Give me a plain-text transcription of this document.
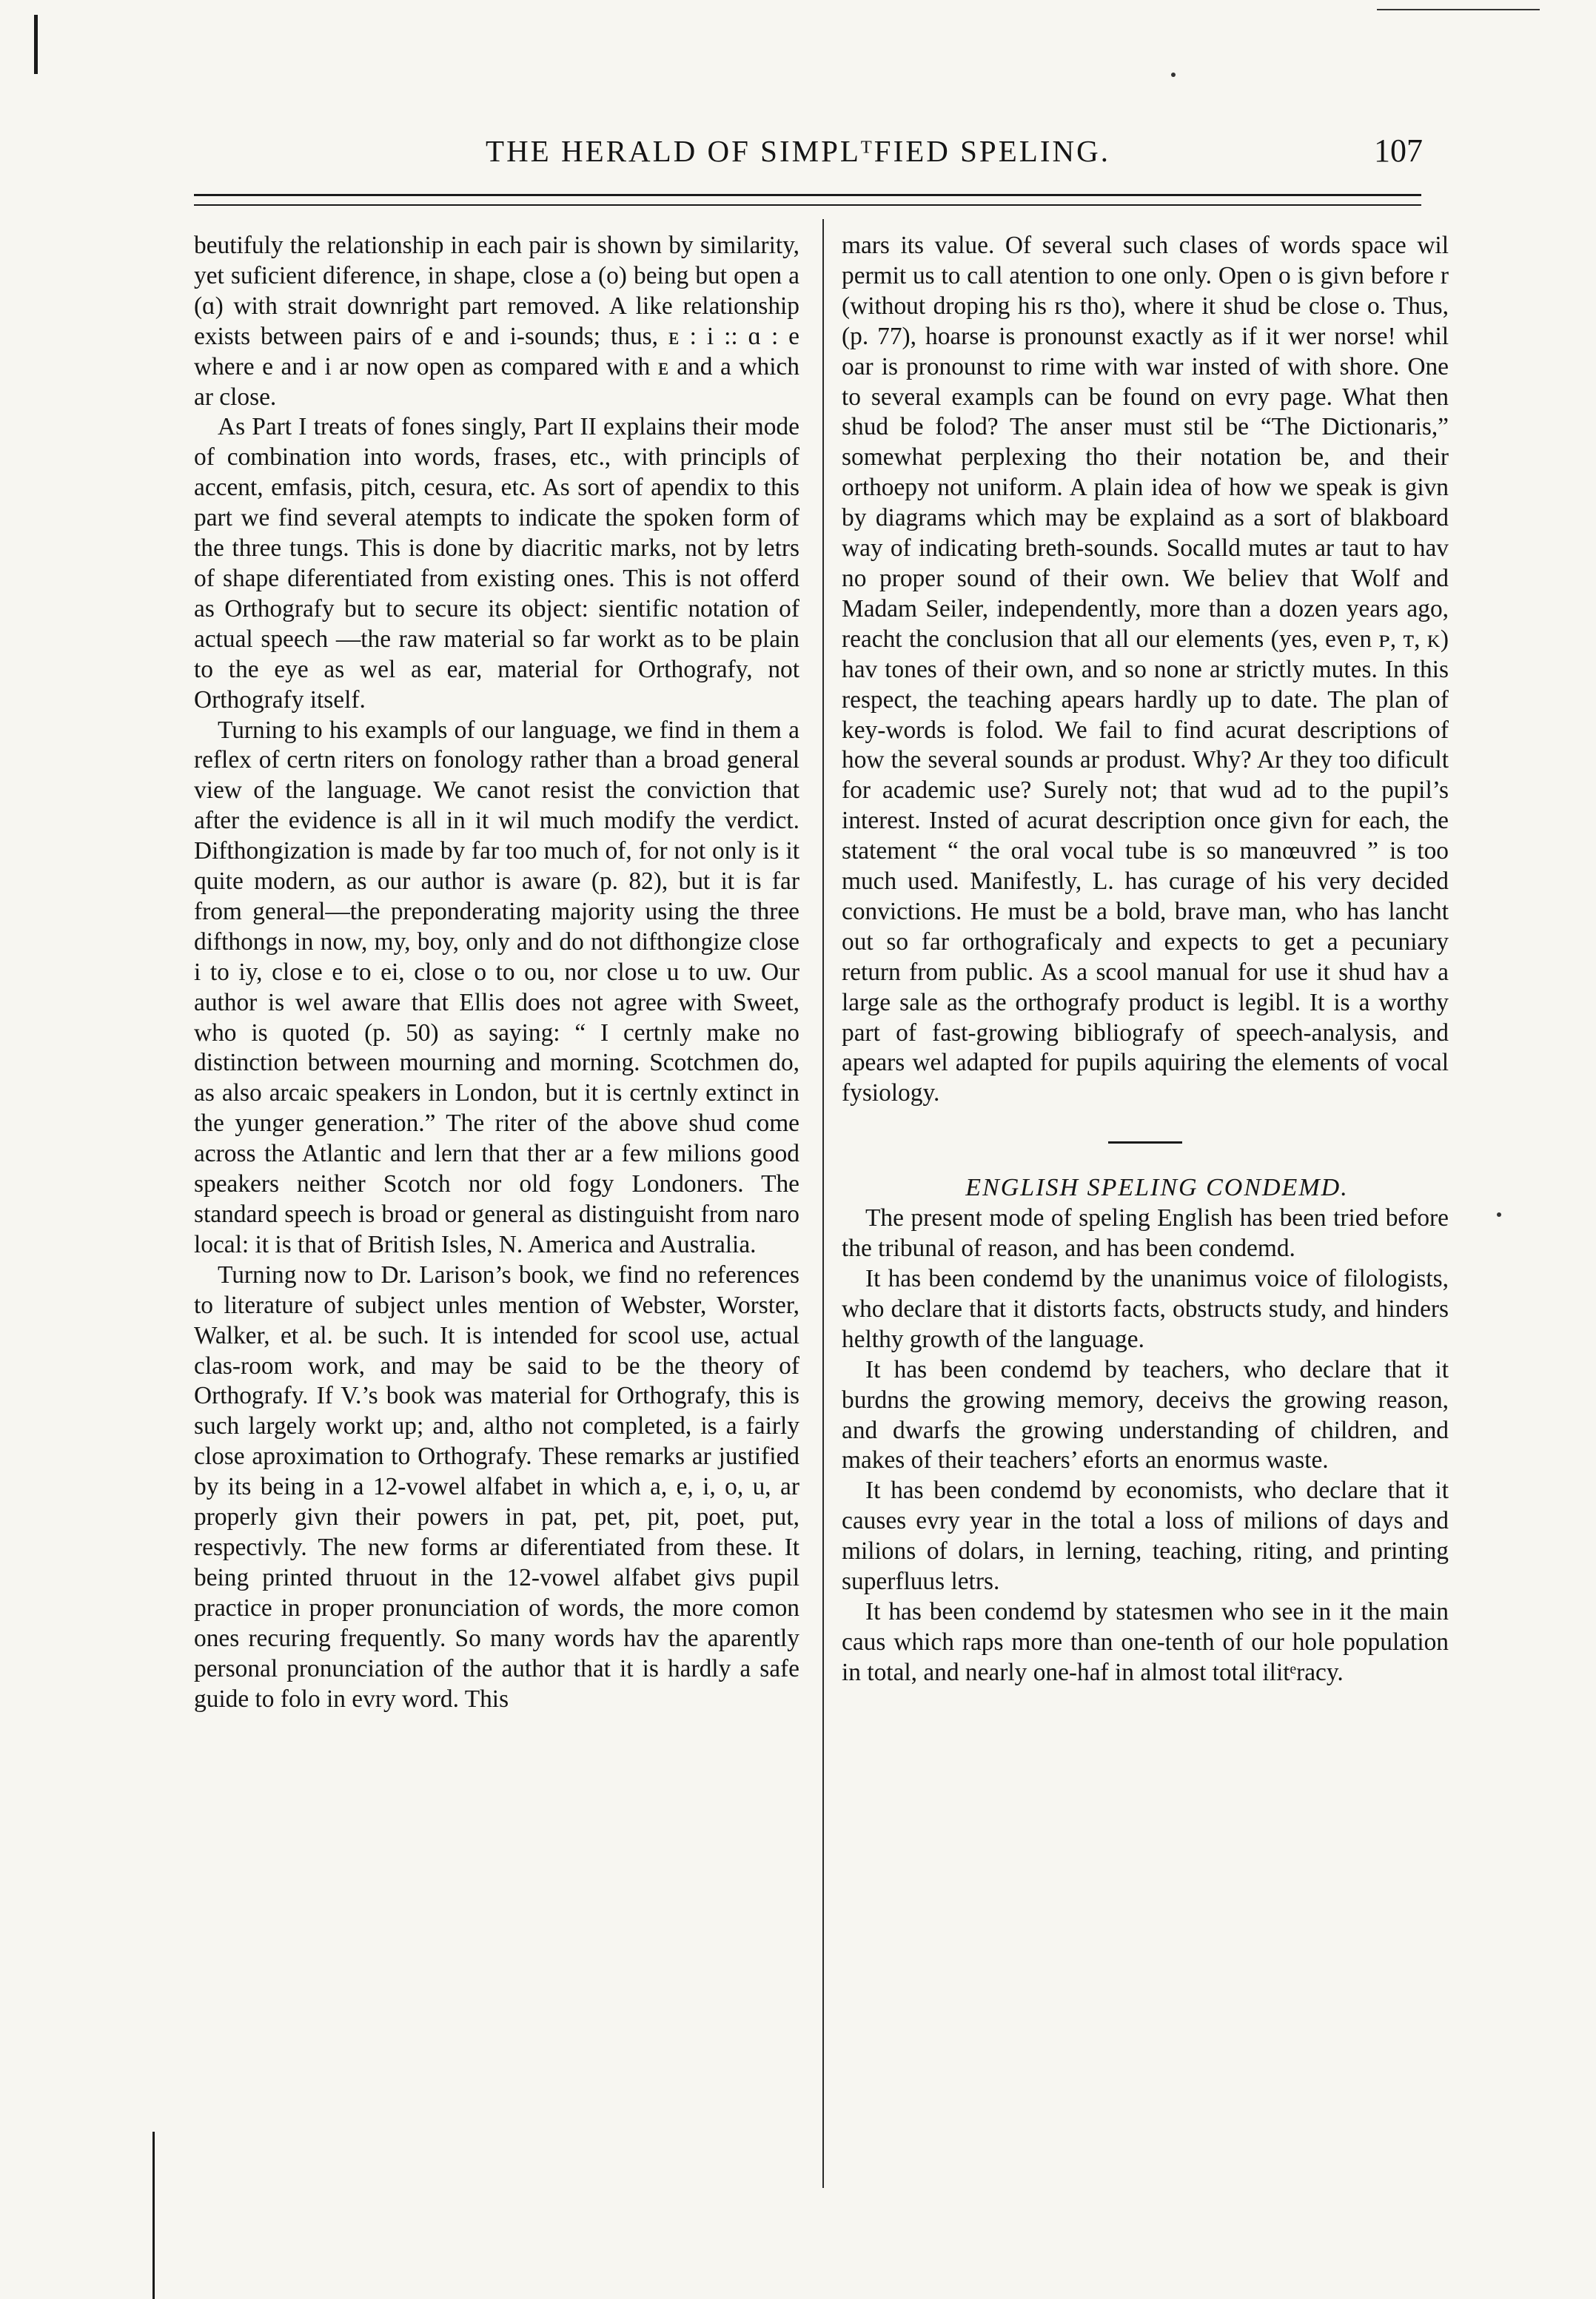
THE HERALD OF SIMPLᵀFIED SPELING.	107

beutifuly the relationship in each pair is shown by similarity, yet suficient diference, in shape, close a (o) being but open a (ɑ) with strait downright part removed. A like relationship exists between pairs of e and i-sounds; thus, ᴇ : i :: ɑ : e where e and i ar now open as compared with ᴇ and a which ar close.

As Part I treats of fones singly, Part II explains their mode of combination into words, frases, etc., with principls of accent, emfasis, pitch, cesura, etc. As sort of apendix to this part we find several atempts to indicate the spoken form of the three tungs. This is done by diacritic marks, not by letrs of shape diferentiated from existing ones. This is not offerd as Orthografy but to secure its object: sientific notation of actual speech —the raw material so far workt as to be plain to the eye as wel as ear, material for Orthografy, not Orthografy itself.

Turning to his exampls of our language, we find in them a reflex of certn riters on fonology rather than a broad general view of the language. We canot resist the conviction that after the evidence is all in it wil much modify the verdict. Difthongization is made by far too much of, for not only is it quite modern, as our author is aware (p. 82), but it is far from general—the preponderating majority using the three difthongs in now, my, boy, only and do not difthongize close i to iy, close e to ei, close o to ou, nor close u to uw. Our author is wel aware that Ellis does not agree with Sweet, who is quoted (p. 50) as saying: “ I certnly make no distinction between mourning and morning. Scotchmen do, as also arcaic speakers in London, but it is certnly extinct in the yunger generation.” The riter of the above shud come across the Atlantic and lern that ther ar a few milions good speakers neither Scotch nor old fogy Londoners. The standard speech is broad or general as distinguisht from naro local: it is that of British Isles, N. America and Australia.

Turning now to Dr. Larison’s book, we find no references to literature of subject unles mention of Webster, Worster, Walker, et al. be such. It is intended for scool use, actual clas-room work, and may be said to be the theory of Orthografy. If V.’s book was material for Orthografy, this is such largely workt up; and, altho not completed, is a fairly close aproximation to Orthografy. These remarks ar justified by its being in a 12-vowel alfabet in which a, e, i, o, u, ar properly givn their powers in pat, pet, pit, poet, put, respectivly. The new forms ar diferentiated from these. It being printed thruout in the 12-vowel alfabet givs pupil practice in proper pronunciation of words, the more comon ones recuring frequently. So many words hav the aparently personal pronunciation of the author that it is hardly a safe guide to folo in evry word. This

mars its value. Of several such clases of words space wil permit us to call atention to one only. Open o is givn before r (without droping his rs tho), where it shud be close o. Thus, (p. 77), hoarse is pronounst exactly as if it wer norse! whil oar is pronounst to rime with war insted of with shore. One to several exampls can be found on evry page. What then shud be folod? The anser must stil be “The Dictionaris,” somewhat perplexing tho their notation be, and their orthoepy not uniform. A plain idea of how we speak is givn by diagrams which may be explaind as a sort of blakboard way of indicating breth-sounds. Socalld mutes ar taut to hav no proper sound of their own. We believ that Wolf and Madam Seiler, independently, more than a dozen years ago, reacht the conclusion that all our elements (yes, even ᴘ, ᴛ, ᴋ) hav tones of their own, and so none ar strictly mutes. In this respect, the teaching apears hardly up to date. The plan of key-words is folod. We fail to find acurat descriptions of how the several sounds ar produst. Why? Ar they too dificult for academic use? Surely not; that wud ad to the pupil’s interest. Insted of acurat description once givn for each, the statement “ the oral vocal tube is so manœuvred ” is too much used. Manifestly, L. has curage of his very decided convictions. He must be a bold, brave man, who has lancht out so far orthograficaly and expects to get a pecuniary return from public. As a scool manual for use it shud hav a large sale as the orthografy product is legibl. It is a worthy part of fast-growing bibliografy of speech-analysis, and apears wel adapted for pupils aquiring the elements of vocal fysiology.

ENGLISH SPELING CONDEMD.

The present mode of speling English has been tried before the tribunal of reason, and has been condemd.

It has been condemd by the unanimus voice of filologists, who declare that it distorts facts, obstructs study, and hinders helthy growth of the language.

It has been condemd by teachers, who declare that it burdns the growing memory, deceivs the growing reason, and dwarfs the growing understanding of children, and makes of their teachers’ eforts an enormus waste.

It has been condemd by economists, who declare that it causes evry year in the total a loss of milions of days and milions of dolars, in lerning, teaching, riting, and printing superfluus letrs.

It has been condemd by statesmen who see in it the main caus which raps more than one-tenth of our hole population in total, and nearly one-haf in almost total ilitᵉracy.
